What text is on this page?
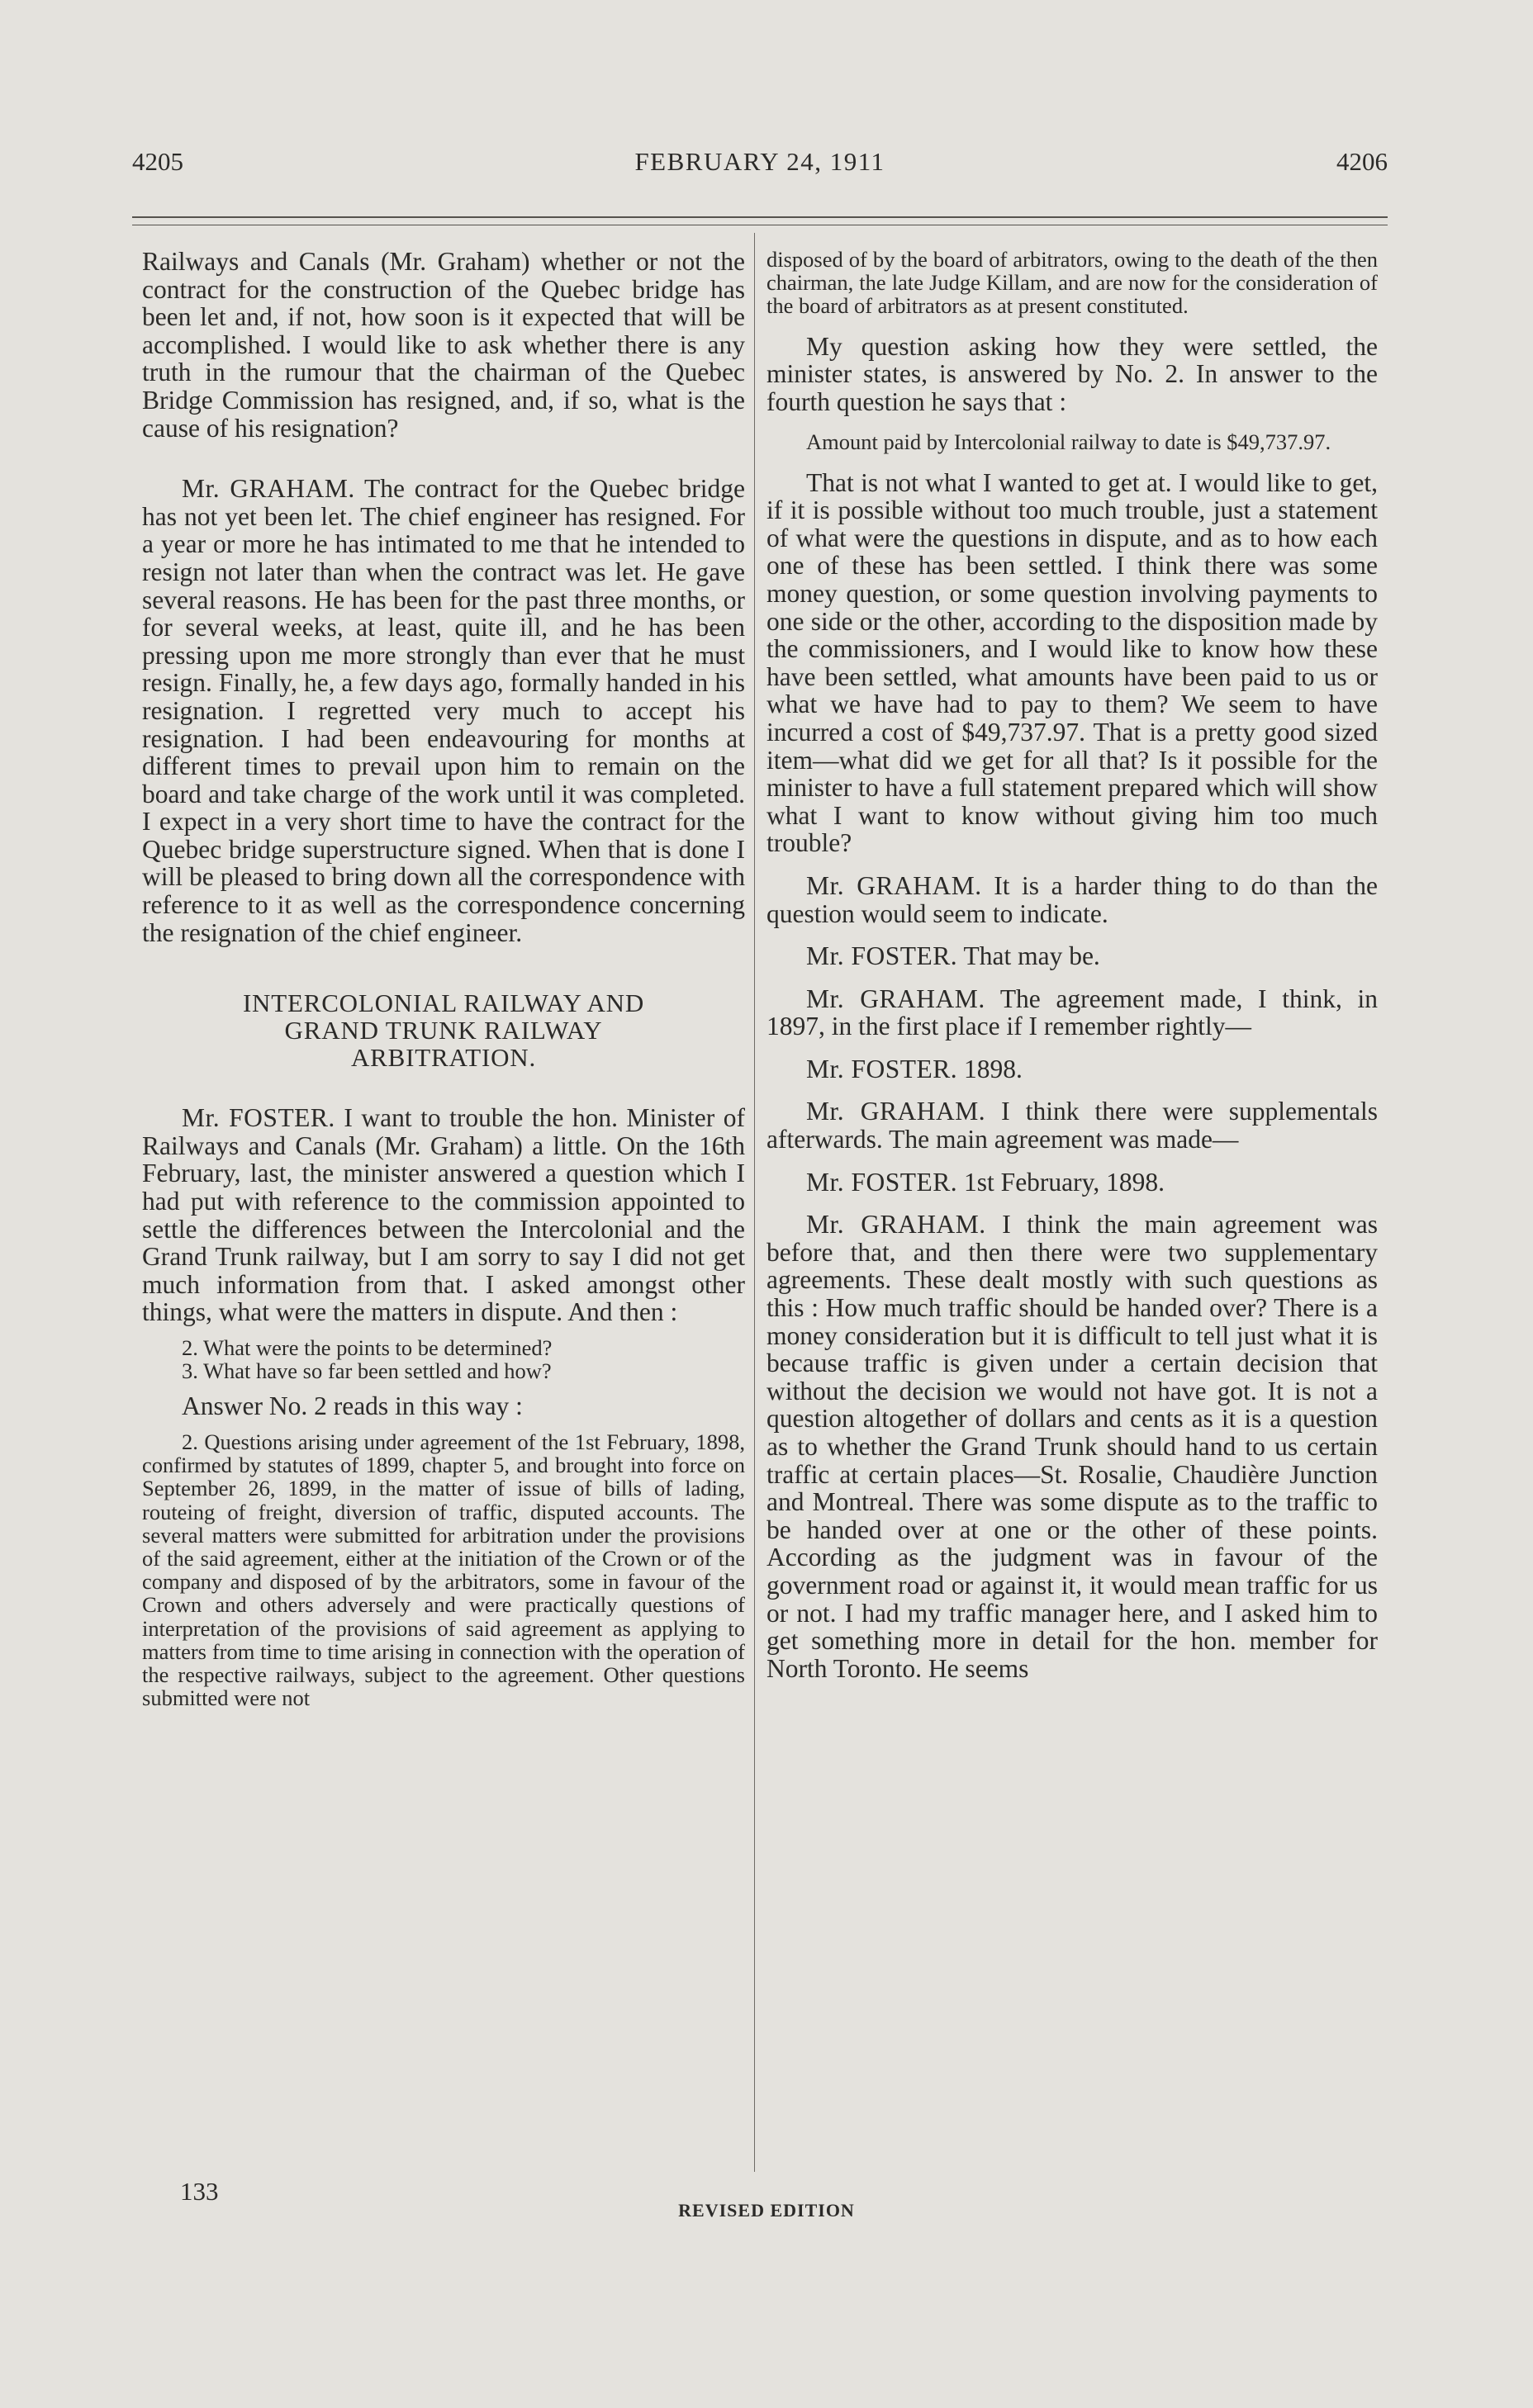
4205	FEBRUARY 24, 1911	4206

Railways and Canals (Mr. Graham) whether or not the contract for the construction of the Quebec bridge has been let and, if not, how soon is it expected that will be accomplished. I would like to ask whether there is any truth in the rumour that the chairman of the Quebec Bridge Commission has resigned, and, if so, what is the cause of his resignation?

Mr. GRAHAM. The contract for the Quebec bridge has not yet been let. The chief engineer has resigned. For a year or more he has intimated to me that he intended to resign not later than when the contract was let. He gave several reasons. He has been for the past three months, or for several weeks, at least, quite ill, and he has been pressing upon me more strongly than ever that he must resign. Finally, he, a few days ago, formally handed in his resignation. I regretted very much to accept his resignation. I had been endeavouring for months at different times to prevail upon him to remain on the board and take charge of the work until it was completed. I expect in a very short time to have the contract for the Quebec bridge superstructure signed. When that is done I will be pleased to bring down all the correspondence with reference to it as well as the correspondence concerning the resignation of the chief engineer.

INTERCOLONIAL RAILWAY AND

GRAND TRUNK RAILWAY

ARBITRATION.

Mr. FOSTER. I want to trouble the hon. Minister of Railways and Canals (Mr. Graham) a little. On the 16th February, last, the minister answered a question which I had put with reference to the commission appointed to settle the differences between the Intercolonial and the Grand Trunk railway, but I am sorry to say I did not get much information from that. I asked amongst other things, what were the matters in dispute. And then :

2. What were the points to be determined?

3. What have so far been settled and how?

Answer No. 2 reads in this way :

2. Questions arising under agreement of the 1st February, 1898, confirmed by statutes of 1899, chapter 5, and brought into force on September 26, 1899, in the matter of issue of bills of lading, routeing of freight, diversion of traffic, disputed accounts. The several matters were submitted for arbitration under the provisions of the said agreement, either at the initiation of the Crown or of the company and disposed of by the arbitrators, some in favour of the Crown and others adversely and were practically questions of interpretation of the provisions of said agreement as applying to matters from time to time arising in connection with the operation of the respective railways, subject to the agreement. Other questions submitted were not

disposed of by the board of arbitrators, owing to the death of the then chairman, the late Judge Killam, and are now for the consideration of the board of arbitrators as at present constituted.

My question asking how they were settled, the minister states, is answered by No. 2. In answer to the fourth question he says that :

Amount paid by Intercolonial railway to date is $49,737.97.

That is not what I wanted to get at. I would like to get, if it is possible without too much trouble, just a statement of what were the questions in dispute, and as to how each one of these has been settled. I think there was some money question, or some question involving payments to one side or the other, according to the disposition made by the commissioners, and I would like to know how these have been settled, what amounts have been paid to us or what we have had to pay to them? We seem to have incurred a cost of $49,737.97. That is a pretty good sized item—what did we get for all that? Is it possible for the minister to have a full statement prepared which will show what I want to know without giving him too much trouble?

Mr. GRAHAM. It is a harder thing to do than the question would seem to indicate.

Mr. FOSTER. That may be.

Mr. GRAHAM. The agreement made, I think, in 1897, in the first place if I remember rightly—

Mr. FOSTER. 1898.

Mr. GRAHAM. I think there were supplementals afterwards. The main agreement was made—

Mr. FOSTER. 1st February, 1898.

Mr. GRAHAM. I think the main agreement was before that, and then there were two supplementary agreements. These dealt mostly with such questions as this : How much traffic should be handed over? There is a money consideration but it is difficult to tell just what it is because traffic is given under a certain decision that without the decision we would not have got. It is not a question altogether of dollars and cents as it is a question as to whether the Grand Trunk should hand to us certain traffic at certain places—St. Rosalie, Chaudière Junction and Montreal. There was some dispute as to the traffic to be handed over at one or the other of these points. According as the judgment was in favour of the government road or against it, it would mean traffic for us or not. I had my traffic manager here, and I asked him to get something more in detail for the hon. member for North Toronto. He seems

133
REVISED EDITION
